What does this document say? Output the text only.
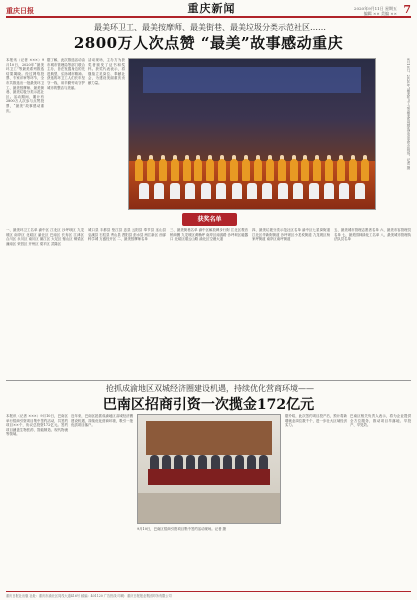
重庆日报	重庆新闻	2020年9月11日 星期五
编辑 ×× 美编 ×× 7
最美环卫工、最美按摩师、最美街巷、最美垃圾分类示范社区……
2800万人次点赞 “最美”故事感动重庆
本报讯（记者 ×××）9月10日，2020年“最美环卫工”等最美系列推选结果揭晓。经过网络投票、专家评审等环节，全市共推选出一批最美环卫工、最美按摩师、最美街巷、最美垃圾分类示范社区。活动期间，累计有2800万人次参与点赞投票，“最美”故事感动重庆。
据了解，此次推选活动由市城市管理局等部门联合主办，旨在发掘身边的先进典型，弘扬城市精神。获选的环卫工人们长年坚守一线，用辛勤劳动守护城市的整洁与美丽。
活动现场，主办方为获奖者颁发了证书和奖杯。获奖代表表示，将继续立足岗位、奉献社会，为建设美丽重庆贡献力量。	9月10日，2020年“最美环卫工”等最美系列推选活动发布会现场。记者 摄
获奖名单
一、最美环卫工名单 渝中区 江北区 沙坪坝区 九龙坡区 南岸区 北碚区 渝北区 巴南区 长寿区 江津区 合川区 永川区 南川区 綦江区 大足区 璧山区 铜梁区 潼南区 荣昌区 开州区 梁平区 武隆区
城口县 丰都县 垫江县 忠县 云阳县 奉节县 巫山县 巫溪县 石柱县 秀山县 酉阳县 彭水县 两江新区 西部科学城 万盛经开区 二、最美按摩师名单
三、最美街巷名单 渝中区解放碑步行街 江北区观音桥商圈 九龙坡区黄桷坪 南岸区南滨路 沙坪坝区磁器口 北碚区缙云山路 渝北区空港大道
四、最美垃圾分类示范社区名单 渝中区七星岗街道 江北区华新街街道 沙坪坝区小龙坎街道 九龙坡区杨家坪街道 南岸区南坪街道
五、最美城市管理志愿者名单 六、最美市容管理员名单 七、最美园林绿化工名单 八、最美城市管理执法队员名单
抢抓成渝地区双城经济圈建设机遇，持续优化营商环境——
巴南区招商引资一次揽金172亿元
本报讯（记者 ×××）9月10日，巴南区举行招商引资项目集中签约活动，共签约项目××个，协议总投资172亿元。签约项目涵盖生物医药、智能制造、现代物流等领域。
近年来，巴南区抢抓成渝地区双城经济圈建设机遇，持续优化营商环境，吸引一批优质项目落户。
9月10日，巴南区招商引资项目集中签约活动现场。记者 摄
据介绍，此次签约项目投产后，预计将新增就业岗位数千个，进一步壮大区域经济实力。
巴南区相关负责人表示，将为企业提供全方位服务，推动项目早落地、早投产、早见效。
重庆日报社出版 社址：重庆市渝北区同茂大道416号 邮编：401120 广告热线 印刷：重庆日报报业集团印务有限公司
